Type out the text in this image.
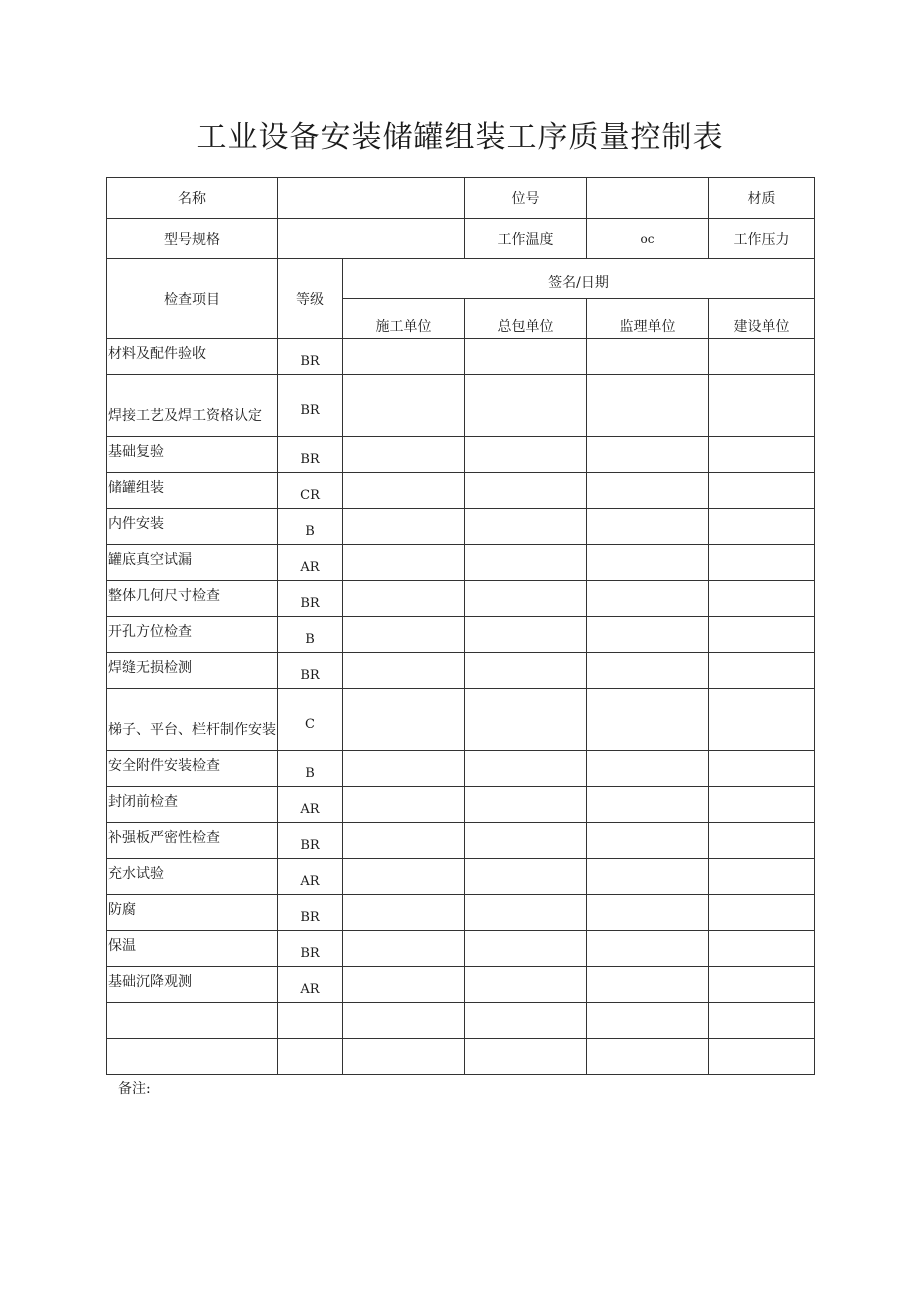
工业设备安装储罐组装工序质量控制表
名称			位号		材质	
型号规格			工作温度	oc	工作压力	
检查项目	等级	签名/日期				
		施工单位	总包单位	监理单位	建设单位	
材料及配件验收	BR					
焊接工艺及焊工资格认定	BR					
基础复验	BR					
储罐组装	CR					
内件安装	B					
罐底真空试漏	AR					
整体几何尺寸检查	BR					
开孔方位检查	B					
焊缝无损检测	BR					
梯子、平台、栏杆制作安装	C					
安全附件安装检查	B					
封闭前检查	AR					
补强板严密性检查	BR					
充水试验	AR					
防腐	BR					
保温	BR					
基础沉降观测	AR					

备注:
